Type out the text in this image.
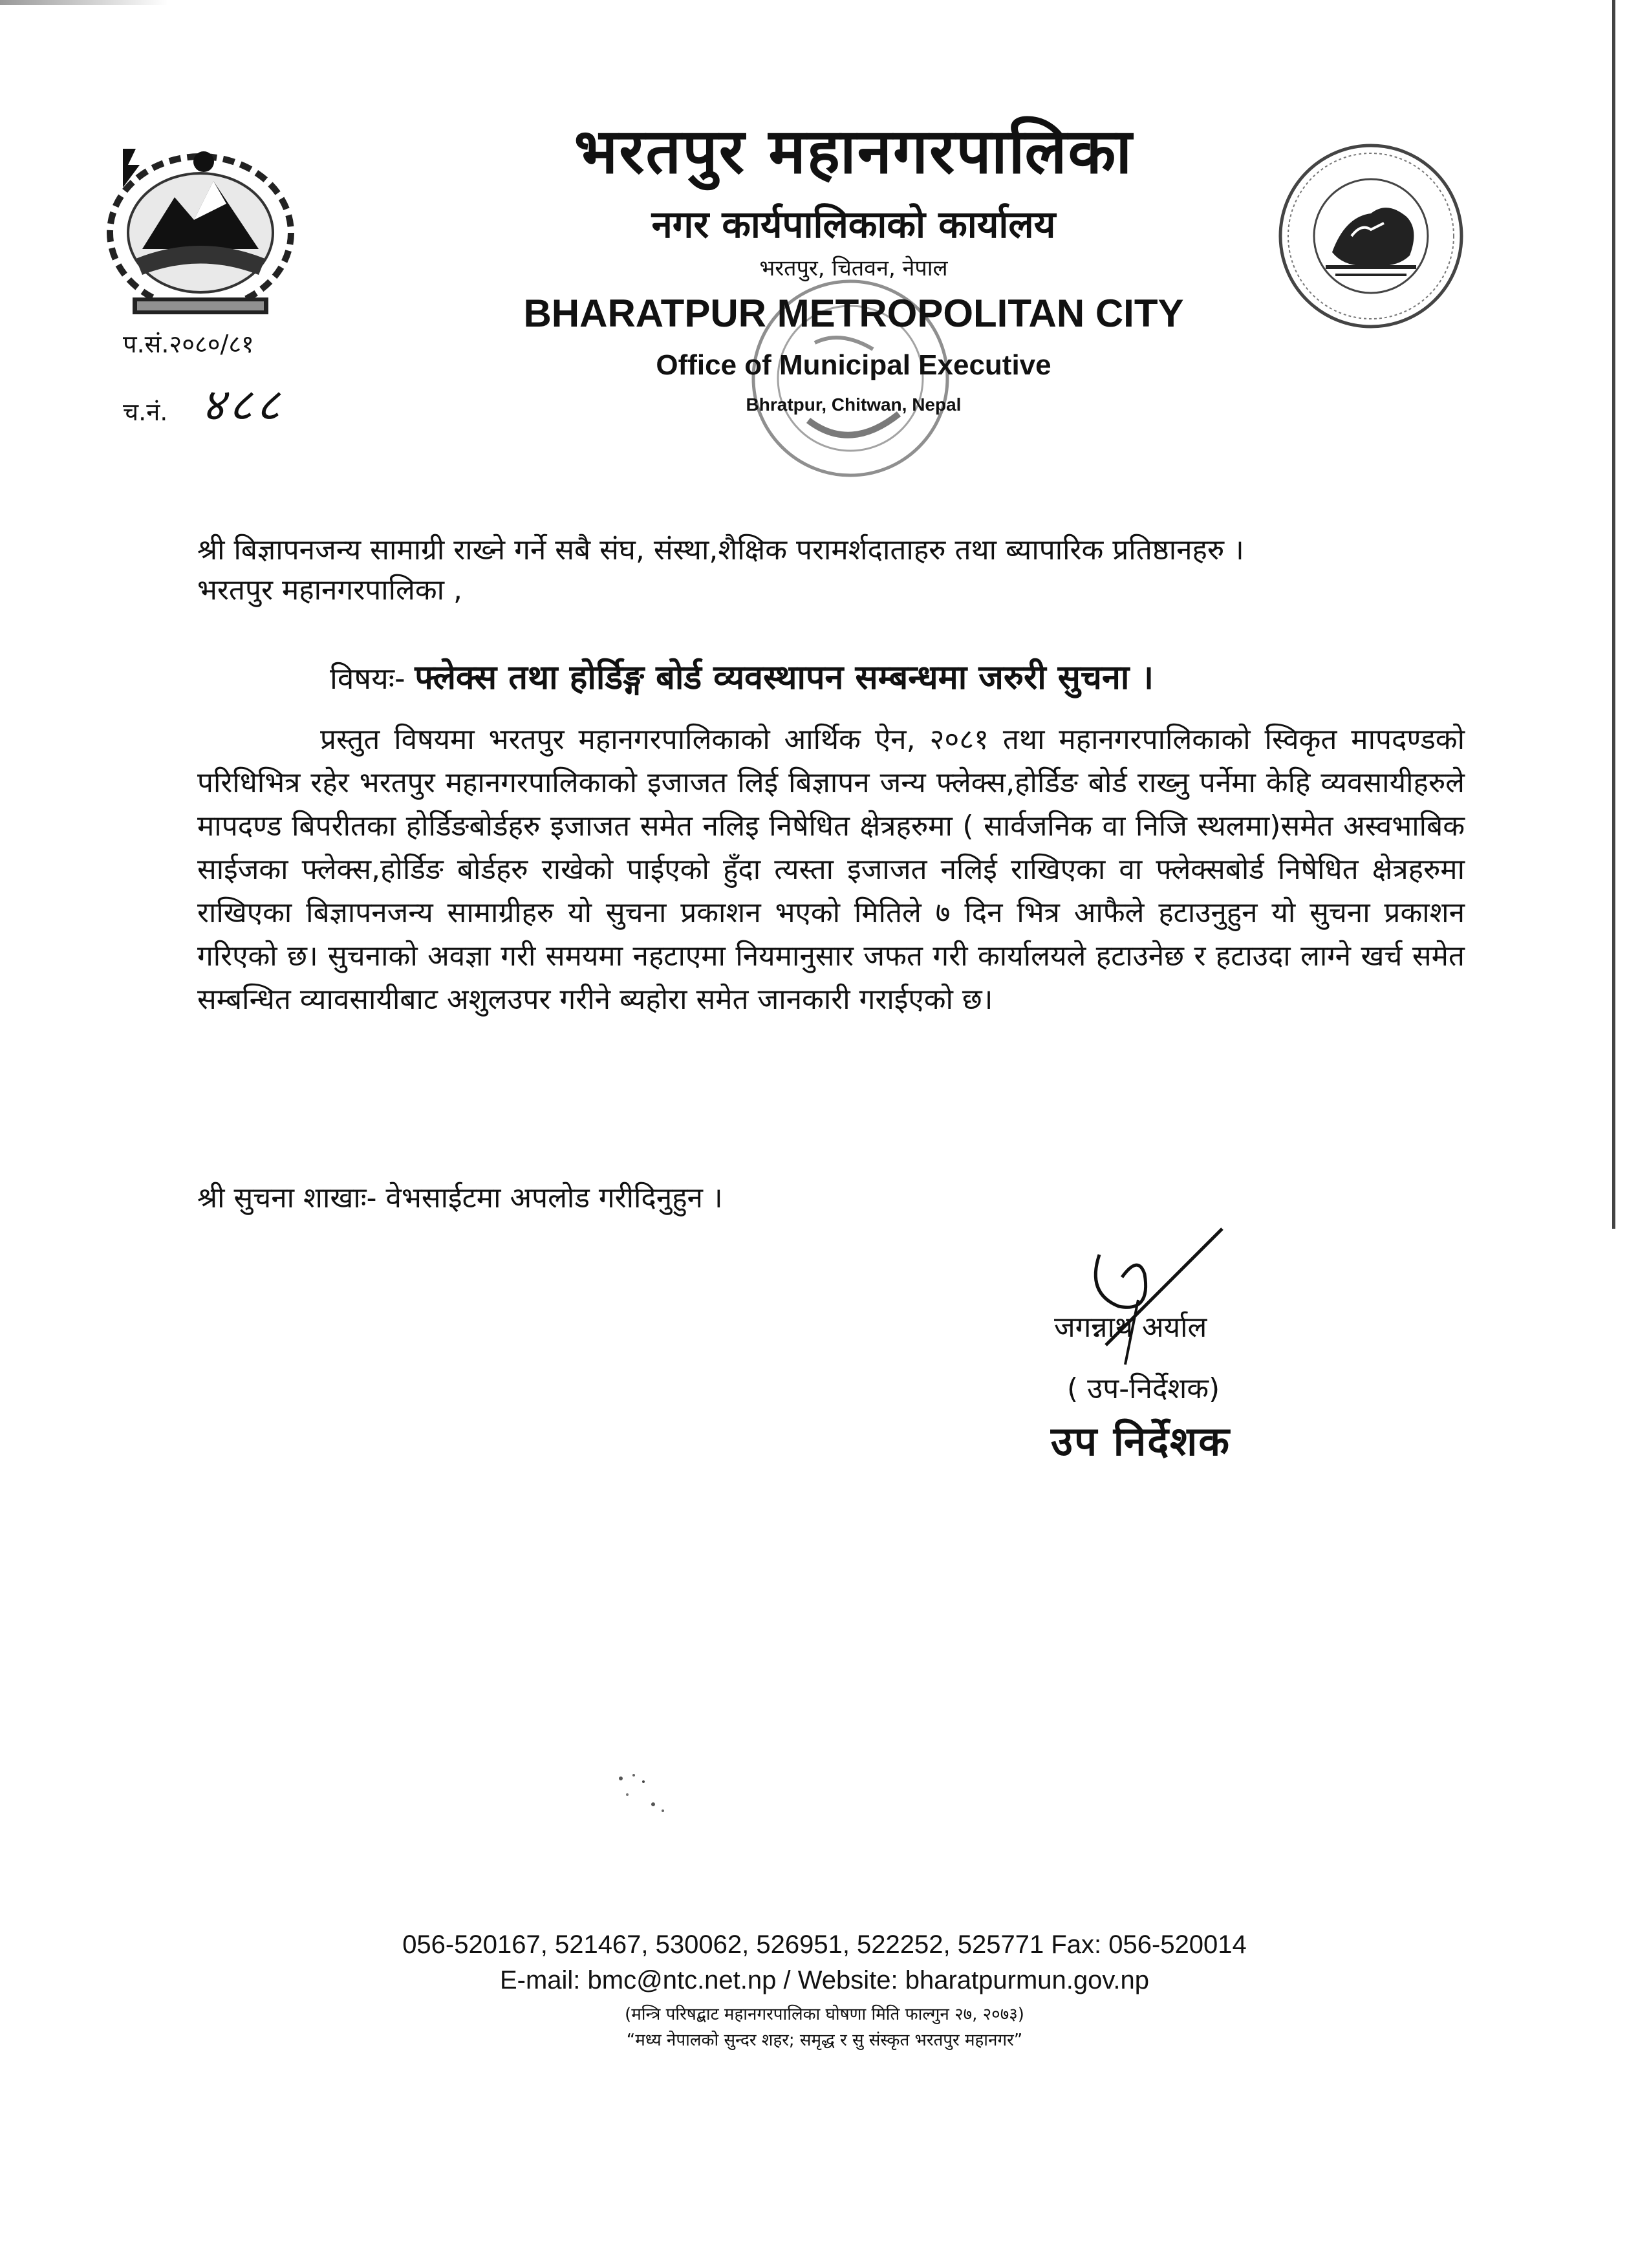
भरतपुर महानगरपालिका
नगर कार्यपालिकाको कार्यालय
भरतपुर, चितवन, नेपाल
BHARATPUR METROPOLITAN CITY
Office of Municipal Executive
Bhratpur, Chitwan, Nepal
प.सं.२०८०/८१
च.नं. ४८८
श्री बिज्ञापनजन्य सामाग्री राख्ने गर्ने सबै संघ, संस्था,शैक्षिक परामर्शदाताहरु तथा ब्यापारिक प्रतिष्ठानहरु ।
भरतपुर महानगरपालिका ,
विषयः- फ्लेक्स तथा होर्डिङ्ग बोर्ड व्यवस्थापन सम्बन्धमा जरुरी सुचना ।
प्रस्तुत विषयमा भरतपुर महानगरपालिकाको आर्थिक ऐन, २०८१ तथा महानगरपालिकाको स्विकृत मापदण्डको परिधिभित्र रहेर भरतपुर महानगरपालिकाको इजाजत लिई बिज्ञापन जन्य फ्लेक्स,होर्डिङ बोर्ड राख्नु पर्नेमा केहि व्यवसायीहरुले मापदण्ड बिपरीतका होर्डिङबोर्डहरु इजाजत समेत नलिइ निषेधित क्षेत्रहरुमा ( सार्वजनिक वा निजि स्थलमा)समेत अस्वभाबिक साईजका फ्लेक्स,होर्डिङ बोर्डहरु राखेको पाईएको हुँदा त्यस्ता इजाजत नलिई राखिएका वा फ्लेक्सबोर्ड निषेधित क्षेत्रहरुमा राखिएका बिज्ञापनजन्य सामाग्रीहरु यो सुचना प्रकाशन भएको मितिले ७ दिन भित्र आफैले हटाउनुहुन यो सुचना प्रकाशन गरिएको छ। सुचनाको अवज्ञा गरी समयमा नहटाएमा नियमानुसार जफत गरी कार्यालयले हटाउनेछ र हटाउदा लाग्ने खर्च समेत सम्बन्धित व्यावसायीबाट अशुलउपर गरीने ब्यहोरा समेत जानकारी गराईएको छ।
श्री सुचना शाखाः- वेभसाईटमा अपलोड गरीदिनुहुन ।
जगन्नाथ अर्याल
( उप-निर्देशक)
उप निर्देशक
056-520167, 521467, 530062, 526951, 522252, 525771 Fax: 056-520014
E-mail: bmc@ntc.net.np / Website: bharatpurmun.gov.np
(मन्त्रि परिषद्बाट महानगरपालिका घोषणा मिति फाल्गुन २७, २०७३)
“मध्य नेपालको सुन्दर शहर; समृद्ध र सु संस्कृत भरतपुर महानगर”
